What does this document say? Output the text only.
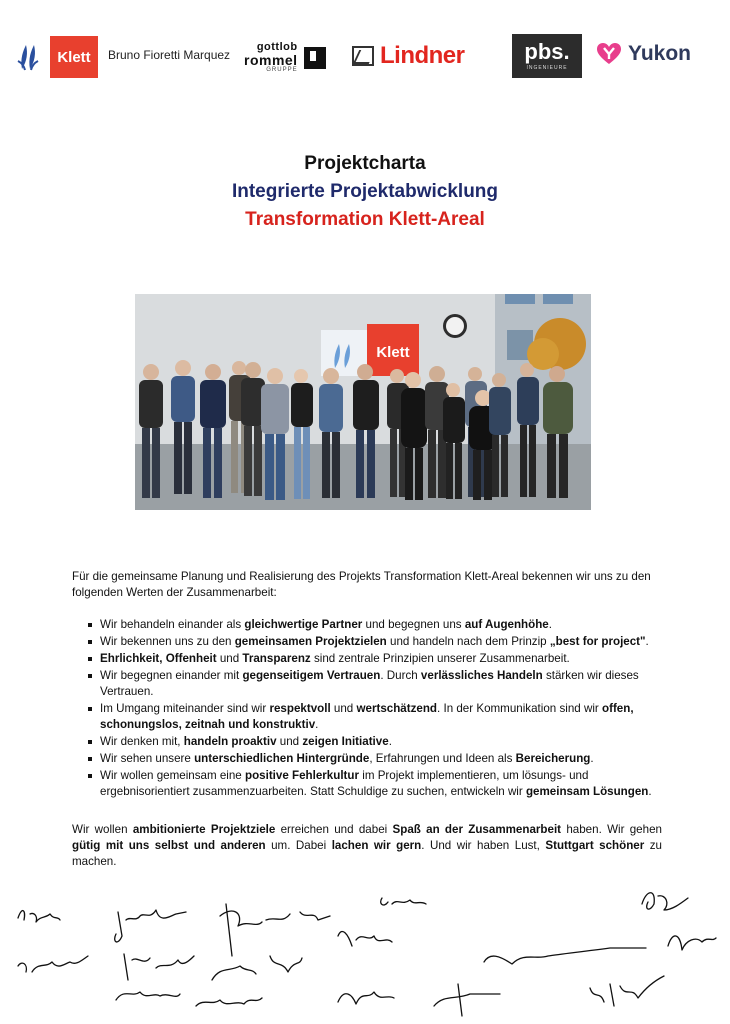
Klett	Bruno Fioretti Marquez
gottlob
rommel
GRUPPE
Lindner	pbs.
INGENIEURE
Yukon
Projektcharta
Integrierte Projektabwicklung
Transformation Klett-Areal
Klett

Für die gemeinsame Planung und Realisierung des Projekts Transformation Klett-Areal bekennen wir uns zu den folgenden Werten der Zusammenarbeit:

Wir behandeln einander als gleichwertige Partner und begegnen uns auf Augenhöhe.
Wir bekennen uns zu den gemeinsamen Projektzielen und handeln nach dem Prinzip „best for project".
Ehrlichkeit, Offenheit und Transparenz sind zentrale Prinzipien unserer Zusammenarbeit.
Wir begegnen einander mit gegenseitigem Vertrauen. Durch verlässliches Handeln stärken wir dieses Vertrauen.
Im Umgang miteinander sind wir respektvoll und wertschätzend. In der Kommunikation sind wir offen, schonungslos, zeitnah und konstruktiv.
Wir denken mit, handeln proaktiv und zeigen Initiative.
Wir sehen unsere unterschiedlichen Hintergründe, Erfahrungen und Ideen als Bereicherung.
Wir wollen gemeinsam eine positive Fehlerkultur im Projekt implementieren, um lösungs- und ergebnisorientiert zusammenzuarbeiten. Statt Schuldige zu suchen, entwickeln wir gemeinsam Lösungen.

Wir wollen ambitionierte Projektziele erreichen und dabei Spaß an der Zusammenarbeit haben. Wir gehen gütig mit uns selbst und anderen um. Dabei lachen wir gern. Und wir haben Lust, Stuttgart schöner zu machen.
